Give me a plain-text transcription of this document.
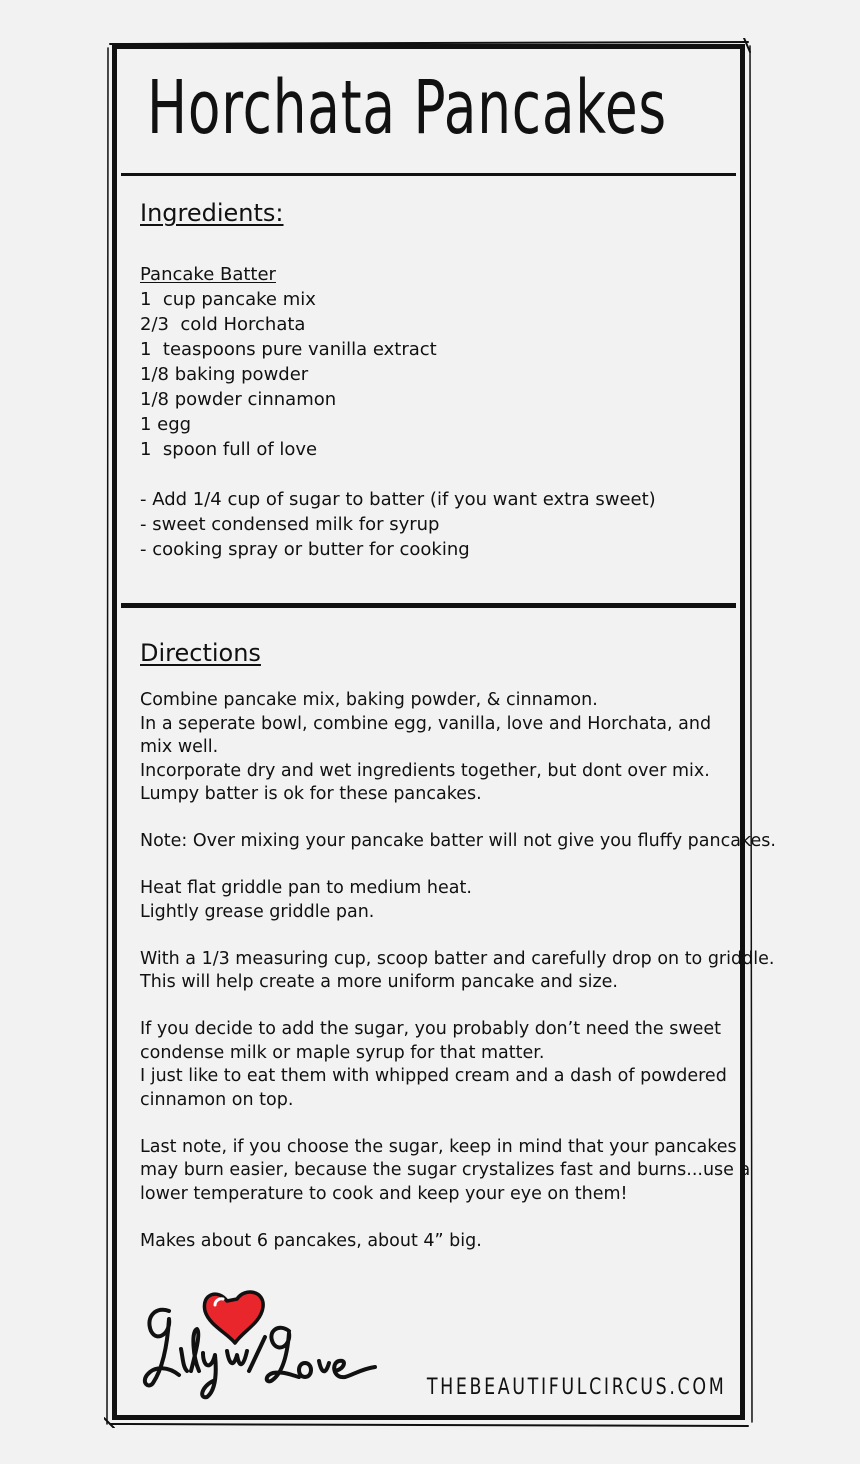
Horchata Pancakes
Ingredients:
Pancake Batter
1  cup pancake mix
2/3  cold Horchata
1  teaspoons pure vanilla extract
1/8 baking powder
1/8 powder cinnamon
1 egg
1  spoon full of love
- Add 1/4 cup of sugar to batter (if you want extra sweet)
- sweet condensed milk for syrup
- cooking spray or butter for cooking
Directions

Combine pancake mix, baking powder, & cinnamon.
In a seperate bowl, combine egg, vanilla, love and Horchata, and
mix well.
Incorporate dry and wet ingredients together, but dont over mix.
Lumpy batter is ok for these pancakes.

Note: Over mixing your pancake batter will not give you fluffy pancakes.

Heat flat griddle pan to medium heat.
Lightly grease griddle pan.

With a 1/3 measuring cup, scoop batter and carefully drop on to griddle.
This will help create a more uniform pancake and size.

If you decide to add the sugar, you probably don’t need the sweet
condense milk or maple syrup for that matter.
I just like to eat them with whipped cream and a dash of powdered
cinnamon on top.

Last note, if you choose the sugar, keep in mind that your pancakes
may burn easier, because the sugar crystalizes fast and burns...use a
lower temperature to cook and keep your eye on them!

Makes about 6 pancakes, about 4” big.

THEBEAUTIFULCIRCUS.COM
